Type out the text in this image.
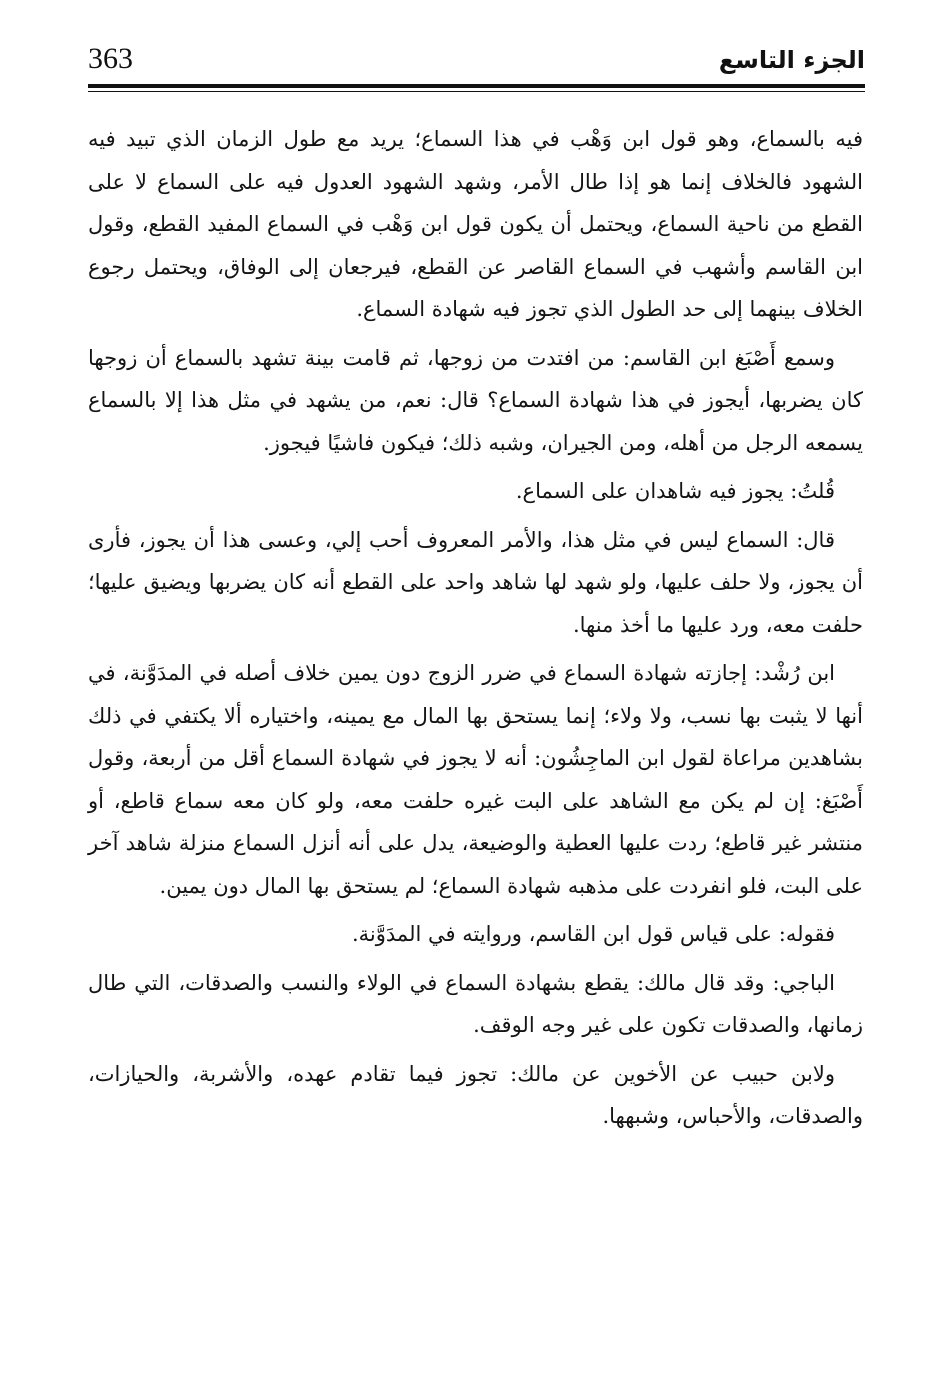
363	الجزء التاسع

فيه بالسماع، وهو قول ابن وَهْب في هذا السماع؛ يريد مع طول الزمان الذي تبيد فيه الشهود فالخلاف إنما هو إذا طال الأمر، وشهد الشهود العدول فيه على السماع لا على القطع من ناحية السماع، ويحتمل أن يكون قول ابن وَهْب في السماع المفيد القطع، وقول ابن القاسم وأشهب في السماع القاصر عن القطع، فيرجعان إلى الوفاق، ويحتمل رجوع الخلاف بينهما إلى حد الطول الذي تجوز فيه شهادة السماع.

وسمع أَصْبَغ ابن القاسم: من افتدت من زوجها، ثم قامت بينة تشهد بالسماع أن زوجها كان يضربها، أيجوز في هذا شهادة السماع؟ قال: نعم، من يشهد في مثل هذا إلا بالسماع يسمعه الرجل من أهله، ومن الجيران، وشبه ذلك؛ فيكون فاشيًا فيجوز.

قُلتُ: يجوز فيه شاهدان على السماع.

قال: السماع ليس في مثل هذا، والأمر المعروف أحب إلي، وعسى هذا أن يجوز، فأرى أن يجوز، ولا حلف عليها، ولو شهد لها شاهد واحد على القطع أنه كان يضربها ويضيق عليها؛ حلفت معه، ورد عليها ما أخذ منها.

ابن رُشْد: إجازته شهادة السماع في ضرر الزوج دون يمين خلاف أصله في المدَوَّنة، في أنها لا يثبت بها نسب، ولا ولاء؛ إنما يستحق بها المال مع يمينه، واختياره ألا يكتفي في ذلك بشاهدين مراعاة لقول ابن الماجِشُون: أنه لا يجوز في شهادة السماع أقل من أربعة، وقول أَصْبَغ: إن لم يكن مع الشاهد على البت غيره حلفت معه، ولو كان معه سماع قاطع، أو منتشر غير قاطع؛ ردت عليها العطية والوضيعة، يدل على أنه أنزل السماع منزلة شاهد آخر على البت، فلو انفردت على مذهبه شهادة السماع؛ لم يستحق بها المال دون يمين.

فقوله: على قياس قول ابن القاسم، وروايته في المدَوَّنة.

الباجي: وقد قال مالك: يقطع بشهادة السماع في الولاء والنسب والصدقات، التي طال زمانها، والصدقات تكون على غير وجه الوقف.

ولابن حبيب عن الأخوين عن مالك: تجوز فيما تقادم عهده، والأشربة، والحيازات، والصدقات، والأحباس، وشبهها.
